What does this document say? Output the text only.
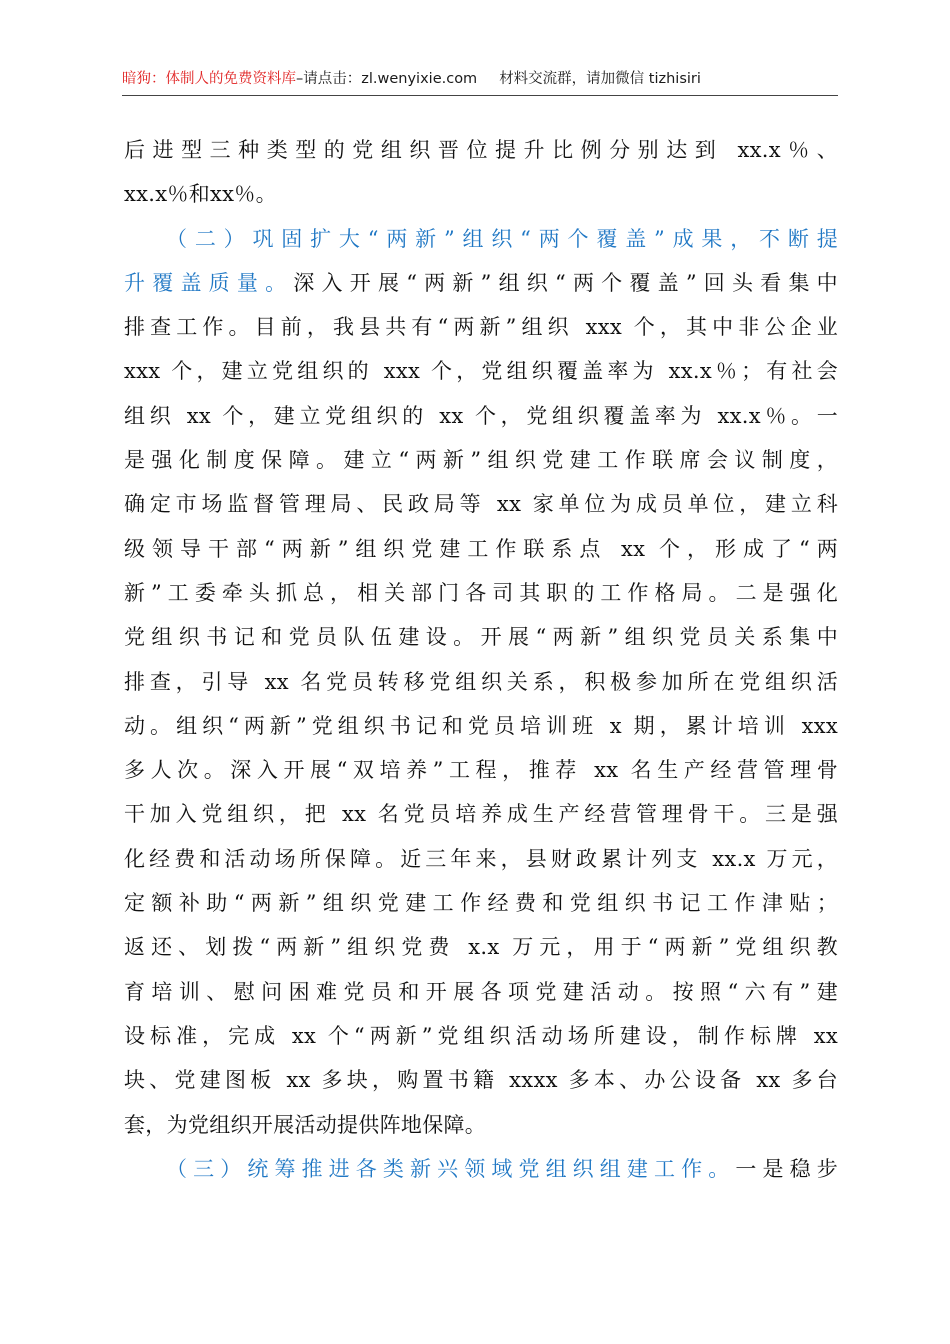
暗狗：体制人的免费资料库–请点击：zl.wenyixie.com 材料交流群，请加微信 tizhisiri
后进型三种类型的党组织晋位提升比例分别达到 xx.x％、
xx.x％和xx％。
（二）巩固扩大“两新”组织“两个覆盖”成果，不断提
升覆盖质量。深入开展“两新”组织“两个覆盖”回头看集中
排查工作。目前，我县共有“两新”组织 xxx 个，其中非公企业
xxx 个，建立党组织的 xxx 个，党组织覆盖率为 xx.x％；有社会
组织 xx 个，建立党组织的 xx 个，党组织覆盖率为 xx.x％。一
是强化制度保障。建立“两新”组织党建工作联席会议制度，
确定市场监督管理局、民政局等 xx 家单位为成员单位，建立科
级领导干部“两新”组织党建工作联系点 xx 个，形成了“两
新”工委牵头抓总，相关部门各司其职的工作格局。二是强化
党组织书记和党员队伍建设。开展“两新”组织党员关系集中
排查，引导 xx 名党员转移党组织关系，积极参加所在党组织活
动。组织“两新”党组织书记和党员培训班 x 期，累计培训 xxx
多人次。深入开展“双培养”工程，推荐 xx 名生产经营管理骨
干加入党组织，把 xx 名党员培养成生产经营管理骨干。三是强
化经费和活动场所保障。近三年来，县财政累计列支 xx.x 万元，
定额补助“两新”组织党建工作经费和党组织书记工作津贴；
返还、划拨“两新”组织党费 x.x 万元，用于“两新”党组织教
育培训、慰问困难党员和开展各项党建活动。按照“六有”建
设标准，完成 xx 个“两新”党组织活动场所建设，制作标牌 xx
块、党建图板 xx 多块，购置书籍 xxxx 多本、办公设备 xx 多台
套，为党组织开展活动提供阵地保障。
（三）统筹推进各类新兴领域党组织组建工作。一是稳步
